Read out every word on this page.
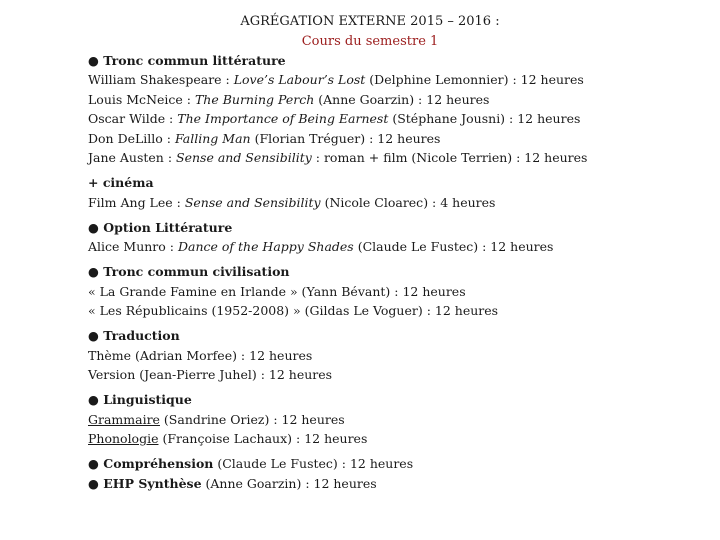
AGRÉGATION EXTERNE 2015 – 2016 :
Cours du semestre 1
● Tronc commun littérature
William Shakespeare : Love’s Labour’s Lost (Delphine Lemonnier) : 12 heures
Louis McNeice : The Burning Perch (Anne Goarzin) : 12 heures
Oscar Wilde : The Importance of Being Earnest (Stéphane Jousni) : 12 heures
Don DeLillo : Falling Man (Florian Tréguer) : 12 heures
Jane Austen : Sense and Sensibility : roman + film (Nicole Terrien) : 12 heures
+ cinéma
Film Ang Lee : Sense and Sensibility (Nicole Cloarec) : 4 heures
● Option Littérature
Alice Munro : Dance of the Happy Shades (Claude Le Fustec) : 12 heures
● Tronc commun civilisation
« La Grande Famine en Irlande » (Yann Bévant) : 12 heures
« Les Républicains (1952-2008) » (Gildas Le Voguer) : 12 heures
● Traduction
Thème (Adrian Morfee) : 12 heures
Version (Jean-Pierre Juhel) : 12 heures
● Linguistique
Grammaire (Sandrine Oriez) : 12 heures
Phonologie (Françoise Lachaux) : 12 heures
● Compréhension (Claude Le Fustec) : 12 heures
● EHP Synthèse (Anne Goarzin) : 12 heures
